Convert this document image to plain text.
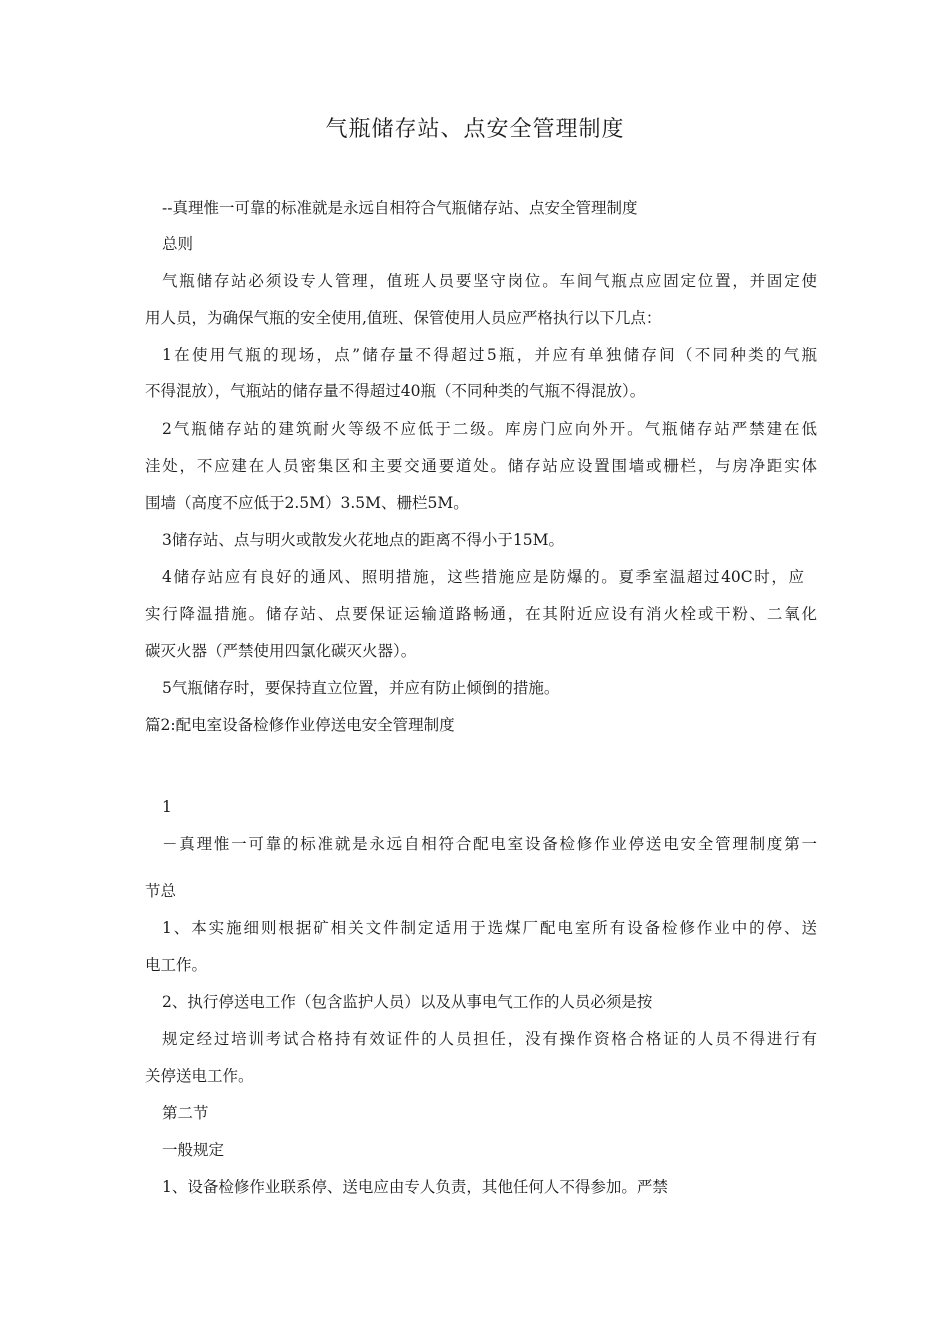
气瓶储存站、点安全管理制度
--真理惟一可靠的标准就是永远自相符合气瓶储存站、点安全管理制度
总则
气瓶储存站必须设专人管理，值班人员要坚守岗位。车间气瓶点应固定位置，并固定使
用人员，为确保气瓶的安全使用,值班、保管使用人员应严格执行以下几点：
1在使用气瓶的现场，点”储存量不得超过5瓶，并应有单独储存间（不同种类的气瓶
不得混放），气瓶站的储存量不得超过40瓶（不同种类的气瓶不得混放）。
2气瓶储存站的建筑耐火等级不应低于二级。库房门应向外开。气瓶储存站严禁建在低
洼处，不应建在人员密集区和主要交通要道处。储存站应设置围墙或栅栏，与房净距实体
围墙（高度不应低于2.5M）3.5M、栅栏5M。
3储存站、点与明火或散发火花地点的距离不得小于15M。
4储存站应有良好的通风、照明措施，这些措施应是防爆的。夏季室温超过40C时，应
实行降温措施。储存站、点要保证运输道路畅通，在其附近应设有消火栓或干粉、二氧化
碳灭火器（严禁使用四氯化碳灭火器）。
5气瓶储存时，要保持直立位置，并应有防止倾倒的措施。
篇2:配电室设备检修作业停送电安全管理制度
1
－真理惟一可靠的标准就是永远自相符合配电室设备检修作业停送电安全管理制度第一
节总
1、本实施细则根据矿相关文件制定适用于选煤厂配电室所有设备检修作业中的停、送
电工作。
2、执行停送电工作（包含监护人员）以及从事电气工作的人员必须是按
规定经过培训考试合格持有效证件的人员担任，没有操作资格合格证的人员不得进行有
关停送电工作。
第二节
一般规定
1、设备检修作业联系停、送电应由专人负责，其他任何人不得参加。严禁
